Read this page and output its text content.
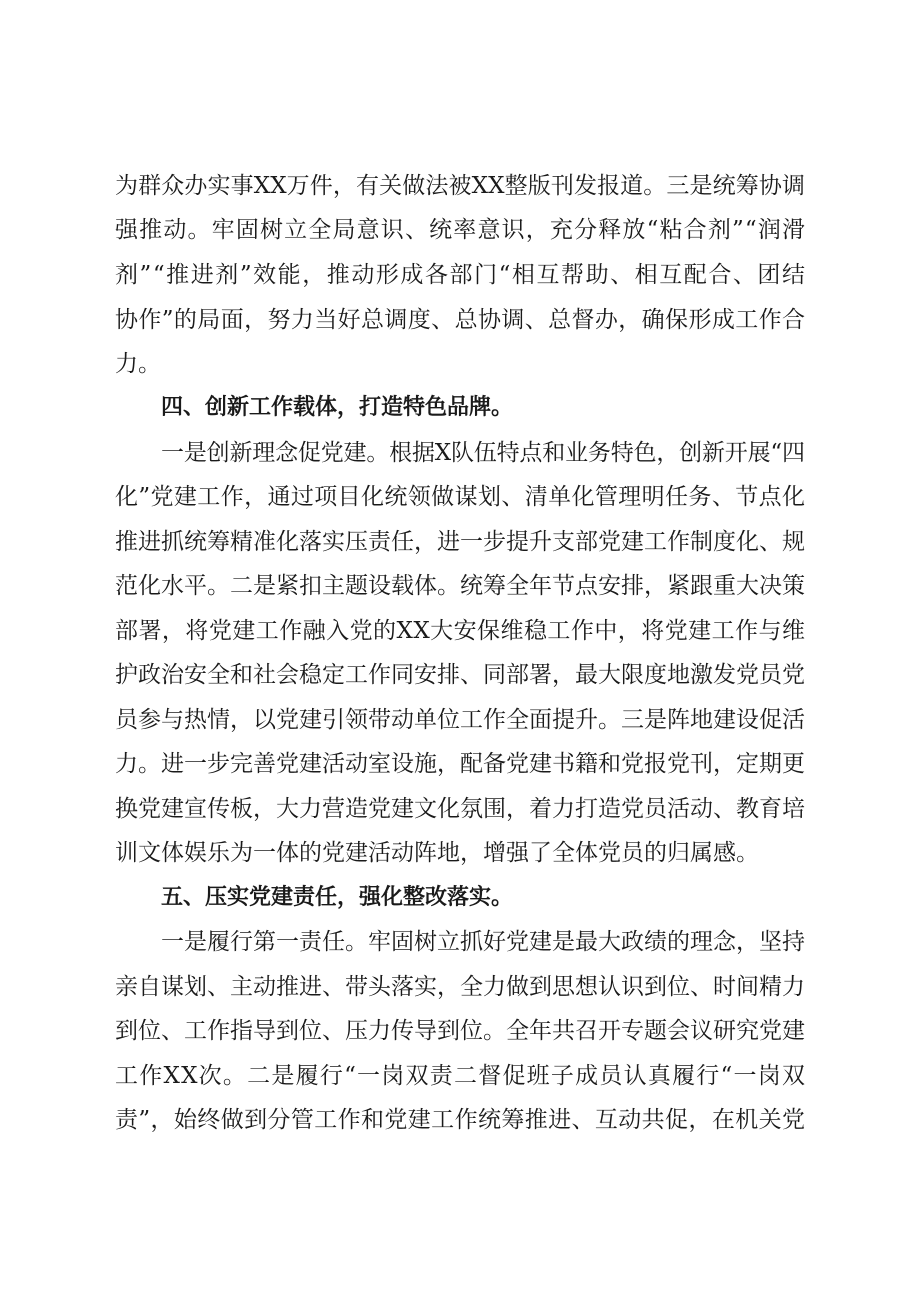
为群众办实事XX万件，有关做法被XX整版刊发报道。三是统筹协调
强推动。牢固树立全局意识、统率意识，充分释放“粘合剂”“润滑
剂”“推进剂”效能，推动形成各部门“相互帮助、相互配合、团结
协作”的局面，努力当好总调度、总协调、总督办，确保形成工作合
力。
四、创新工作载体，打造特色品牌。
一是创新理念促党建。根据X队伍特点和业务特色，创新开展“四
化”党建工作，通过项目化统领做谋划、清单化管理明任务、节点化
推进抓统筹精准化落实压责任，进一步提升支部党建工作制度化、规
范化水平。二是紧扣主题设载体。统筹全年节点安排，紧跟重大决策
部署，将党建工作融入党的XX大安保维稳工作中，将党建工作与维
护政治安全和社会稳定工作同安排、同部署，最大限度地激发党员党
员参与热情，以党建引领带动单位工作全面提升。三是阵地建设促活
力。进一步完善党建活动室设施，配备党建书籍和党报党刊，定期更
换党建宣传板，大力营造党建文化氛围，着力打造党员活动、教育培
训文体娱乐为一体的党建活动阵地，增强了全体党员的归属感。
五、压实党建责任，强化整改落实。
一是履行第一责任。牢固树立抓好党建是最大政绩的理念，坚持
亲自谋划、主动推进、带头落实，全力做到思想认识到位、时间精力
到位、工作指导到位、压力传导到位。全年共召开专题会议研究党建
工作XX次。二是履行“一岗双责二督促班子成员认真履行“一岗双
责”，始终做到分管工作和党建工作统筹推进、互动共促，在机关党
